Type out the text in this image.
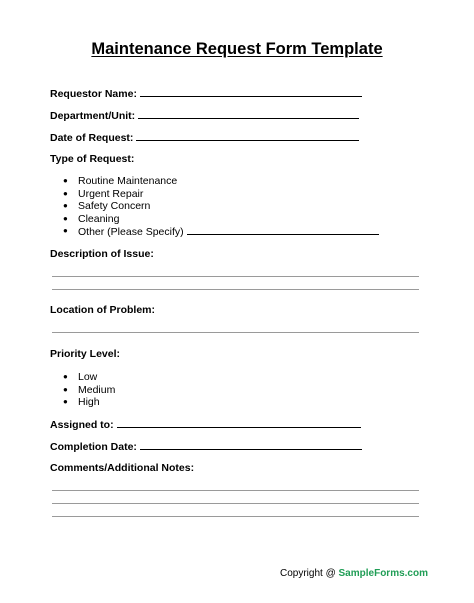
Maintenance Request Form Template
Requestor Name:
Department/Unit:
Date of Request:
Type of Request:
● Routine Maintenance
● Urgent Repair
● Safety Concern
● Cleaning
● Other (Please Specify)
Description of Issue:
Location of Problem:
Priority Level:
● Low
● Medium
● High
Assigned to:
Completion Date:
Comments/Additional Notes:
Copyright @ SampleForms.com
